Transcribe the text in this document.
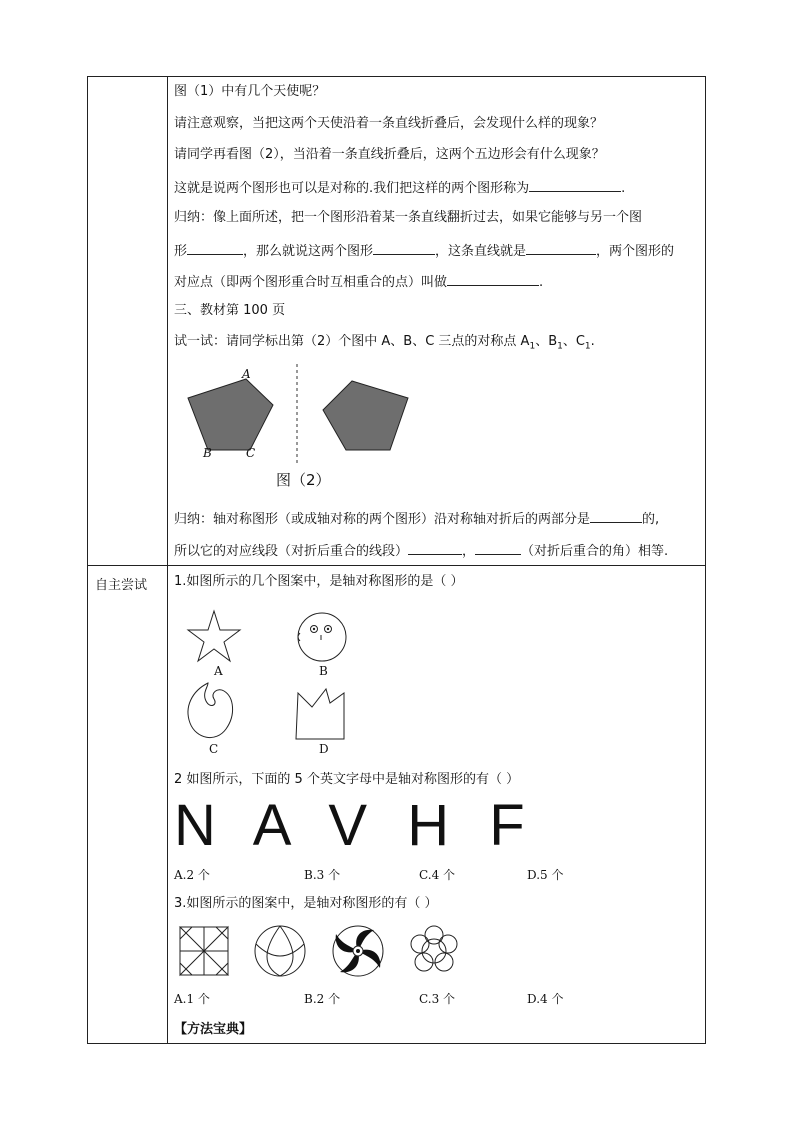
图（1）中有几个天使呢？
请注意观察，当把这两个天使沿着一条直线折叠后，会发现什么样的现象？
请同学再看图（2），当沿着一条直线折叠后，这两个五边形会有什么现象？
这就是说两个图形也可以是对称的.我们把这样的两个图形称为	.
归纳：像上面所述，把一个图形沿着某一条直线翻折过去，如果它能够与另一个图
形	，那么就说这两个图形	，这条直线就是	，两个图形的
对应点（即两个图形重合时互相重合的点）叫做	.
三、教材第 100 页
试一试：请同学标出第（2）个图中 A、B、C 三点的对称点 $A_1$、$B_1$、$C_1$.
A
B	C
图（2）
归纳：轴对称图形（或成轴对称的两个图形）沿对称轴对折后的两部分是	的,
所以它的对应线段（对折后重合的线段）	，	（对折后重合的角）相等.
自主尝试 1.如图所示的几个图案中，是轴对称图形的是（ ）
A	B
C	D
2 如图所示，下面的 5 个英文字母中是轴对称图形的有（ ）
N A V H F
A.2 个	B.3 个	C.4 个	D.5 个
3.如图所示的图案中，是轴对称图形的有（ ）
A.1 个	B.2 个	C.3 个	D.4 个
【方法宝典】
